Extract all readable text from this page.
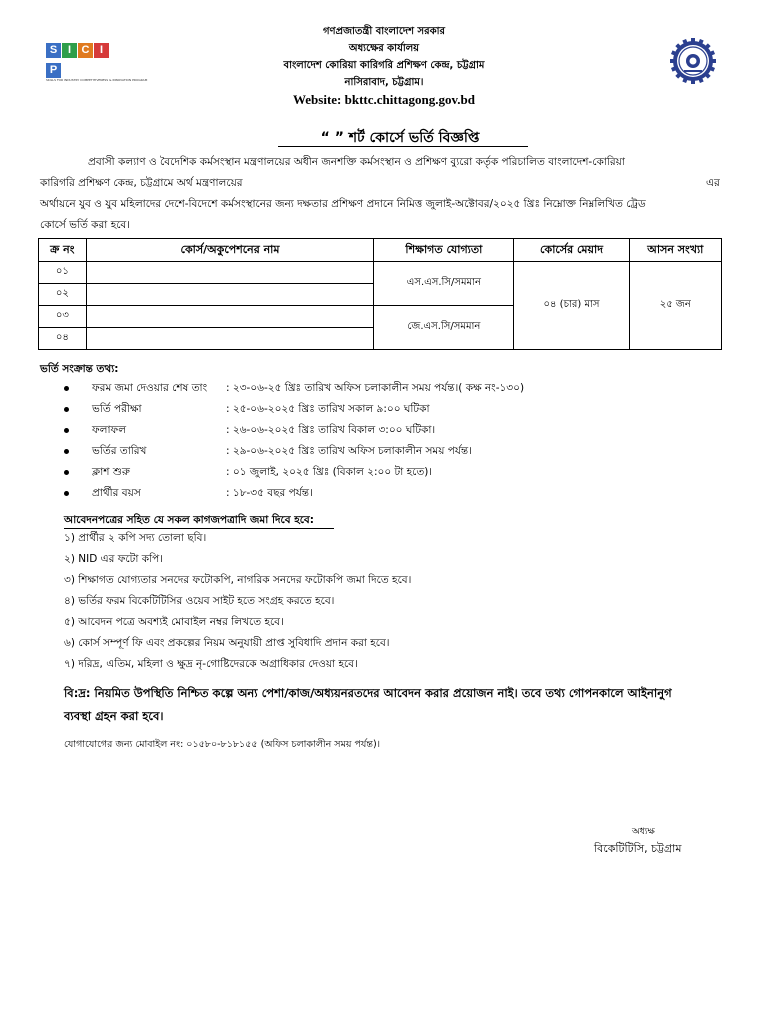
গণপ্রজাতন্ত্রী বাংলাদেশ সরকার
অধ্যক্ষের কার্যালয়
বাংলাদেশ কোরিয়া কারিগরি প্রশিক্ষণ কেন্দ্র, চট্টগ্রাম
নাসিরাবাদ, চট্টগ্রাম।
Website: bkttc.chittagong.gov.bd
S I C IP
SKILLS FOR INDUSTRY COMPETITIVENESS & INNOVATION PROGRAM
“ ” শর্ট কোর্সে ভর্তি বিজ্ঞপ্তি
প্রবাসী কল্যাণ ও বৈদেশিক কর্মসংস্থান মন্ত্রণালয়ের অধীন জনশক্তি কর্মসংস্থান ও প্রশিক্ষণ ব্যুরো কর্তৃক পরিচালিত বাংলাদেশ-কোরিয়া
কারিগরি প্রশিক্ষণ কেন্দ্র, চট্টগ্রামে অর্থ মন্ত্রণালয়ের	এর
অর্থায়নে যুব ও যুব মহিলাদের দেশে-বিদেশে কর্মসংস্থানের জন্য দক্ষতার প্রশিক্ষণ প্রদানে নিমিত্ত জুলাই-অক্টোবর/২০২৫ খ্রিঃ নিম্নোক্ত নিম্নলিখিত ট্রেড
কোর্সে ভর্তি করা হবে।
ক্র নং	কোর্স/অকুপেশনের নাম	শিক্ষাগত যোগ্যতা	কোর্সের মেয়াদ	আসন সংখ্যা
০১		এস.এস.সি/সমমান	০৪ (চার) মাস	২৫ জন
০২				
০৩		জে.এস.সি/সমমান		
০৪				
ভর্তি সংক্রান্ত তথ্য:
ফরম জমা দেওয়ার শেষ তাং : ২৩-০৬-২৫ খ্রিঃ তারিখ অফিস চলাকালীন সময় পর্যন্ত।( কক্ষ নং-১৩০)
ভর্তি পরীক্ষা	: ২৫-০৬-২০২৫ খ্রিঃ তারিখ সকাল ৯:০০ ঘটিকা
ফলাফল	: ২৬-০৬-২০২৫ খ্রিঃ তারিখ বিকাল ৩:০০ ঘটিকা।
ভর্তির তারিখ	: ২৯-০৬-২০২৫ খ্রিঃ তারিখ অফিস চলাকালীন সময় পর্যন্ত।
ক্লাশ শুরু	: ০১ জুলাই, ২০২৫ খ্রিঃ (বিকাল ২:০০ টা হতে)।
প্রার্থীর বয়স	: ১৮-৩৫ বছর পর্যন্ত।
আবেদনপত্রের সহিত যে সকল কাগজপত্রাদি জমা দিবে হবে:
১) প্রার্থীর ২ কপি সদ্য তোলা ছবি।
২) NID এর ফটো কপি।
৩) শিক্ষাগত যোগ্যতার সনদের ফটোকপি, নাগরিক সনদের ফটোকপি জমা দিতে হবে।
৪) ভর্তির ফরম বিকেটিটিসির ওয়েব সাইট হতে সংগ্রহ করতে হবে।
৫) আবেদন পত্রে অবশ্যই মোবাইল নম্বর লিখতে হবে।
৬) কোর্স সম্পূর্ণ ফি এবং প্রকল্পের নিয়ম অনুযায়ী প্রাপ্ত সুবিধাদি প্রদান করা হবে।
৭) দরিদ্র, এতিম, মহিলা ও ক্ষুদ্র নৃ-গোষ্টিদেরকে অগ্রাধিকার দেওয়া হবে।
বি:দ্র: নিয়মিত উপস্থিতি নিশ্চিত কল্পে অন্য পেশা/কাজ/অধ্যয়নরতদের আবেদন করার প্রয়োজন নাই। তবে তথ্য গোপনকালে আইনানুগ
ব্যবস্থা গ্রহন করা হবে।
যোগাযোগের জন্য মোবাইল নং: ০১৫৮০-৮১৮১৫৫ (অফিস চলাকালীন সময় পর্যন্ত)।
অধ্যক্ষ
বিকেটিটিসি, চট্টগ্রাম
